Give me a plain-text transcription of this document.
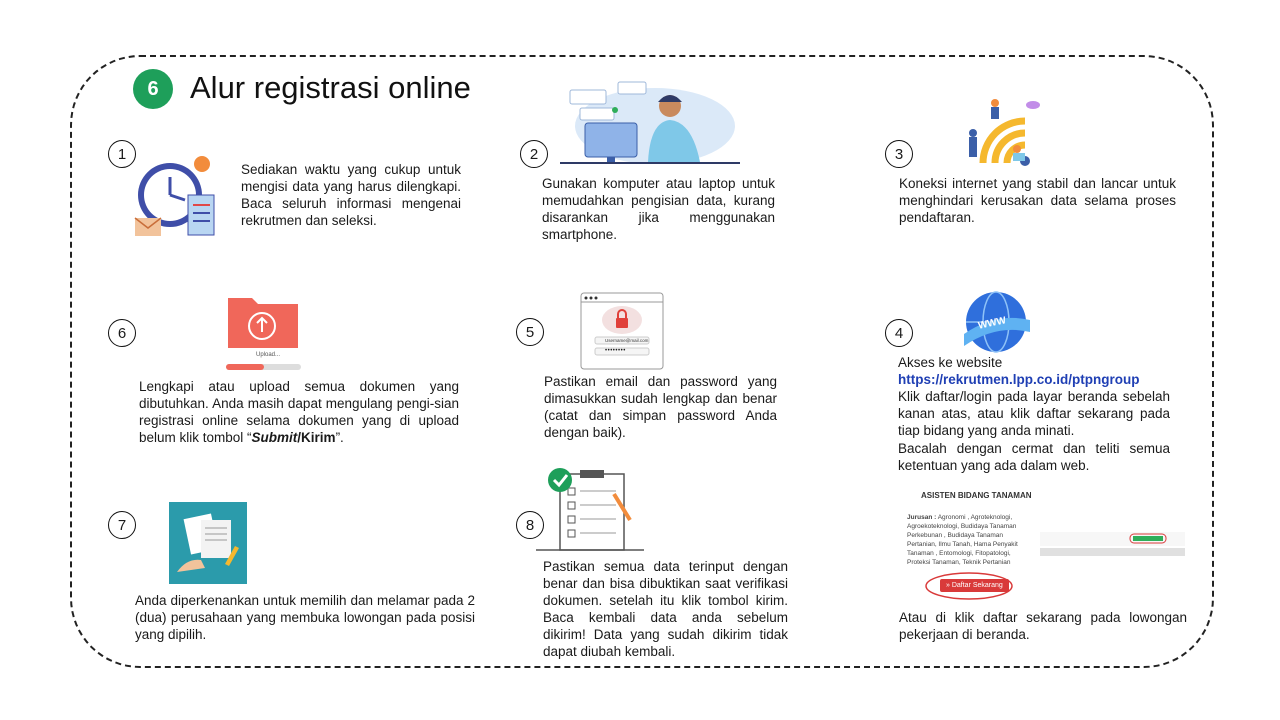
6	Alur registrasi online
1
Sediakan waktu yang cukup untuk mengisi data yang harus dilengkapi. Baca seluruh informasi mengenai rekrutmen dan seleksi.
2
Gunakan komputer atau laptop untuk memudahkan pengisian data, kurang disarankan jika menggunakan smartphone.
3
Koneksi internet yang stabil dan lancar untuk menghindari kerusakan data selama proses pendaftaran.
6
Upload...
Lengkapi atau upload semua dokumen yang dibutuhkan. Anda masih dapat mengulang pengi-sian registrasi online selama dokumen yang di upload belum klik tombol “Submit/Kirim”.
5	Username@mail.com
••••••••
Pastikan email dan password yang dimasukkan sudah lengkap dan benar (catat dan simpan password Anda dengan baik).
4
WWW
Akses ke website
https://rekrutmen.lpp.co.id/ptpngroup
Klik daftar/login pada layar beranda sebelah kanan atas, atau klik daftar sekarang pada tiap bidang yang anda minati.
Bacalah dengan cermat dan teliti semua ketentuan yang ada dalam web.
ASISTEN BIDANG TANAMAN
Jurusan : Agronomi , Agroteknologi, Agroekoteknologi, Budidaya Tanaman Perkebunan , Budidaya Tanaman Pertanian, Ilmu Tanah, Hama Penyakit Tanaman , Entomologi, Fitopatologi, Proteksi Tanaman, Teknik Pertanian
» Daftar Sekarang
Atau di klik daftar sekarang pada lowongan pekerjaan di beranda.
7
Anda diperkenankan untuk memilih dan melamar pada 2 (dua) perusahaan yang membuka lowongan pada posisi yang dipilih.
8
Pastikan semua data terinput dengan benar dan bisa dibuktikan saat verifikasi dokumen. setelah itu klik tombol kirim. Baca kembali data anda sebelum dikirim! Data yang sudah dikirim tidak dapat diubah kembali.
